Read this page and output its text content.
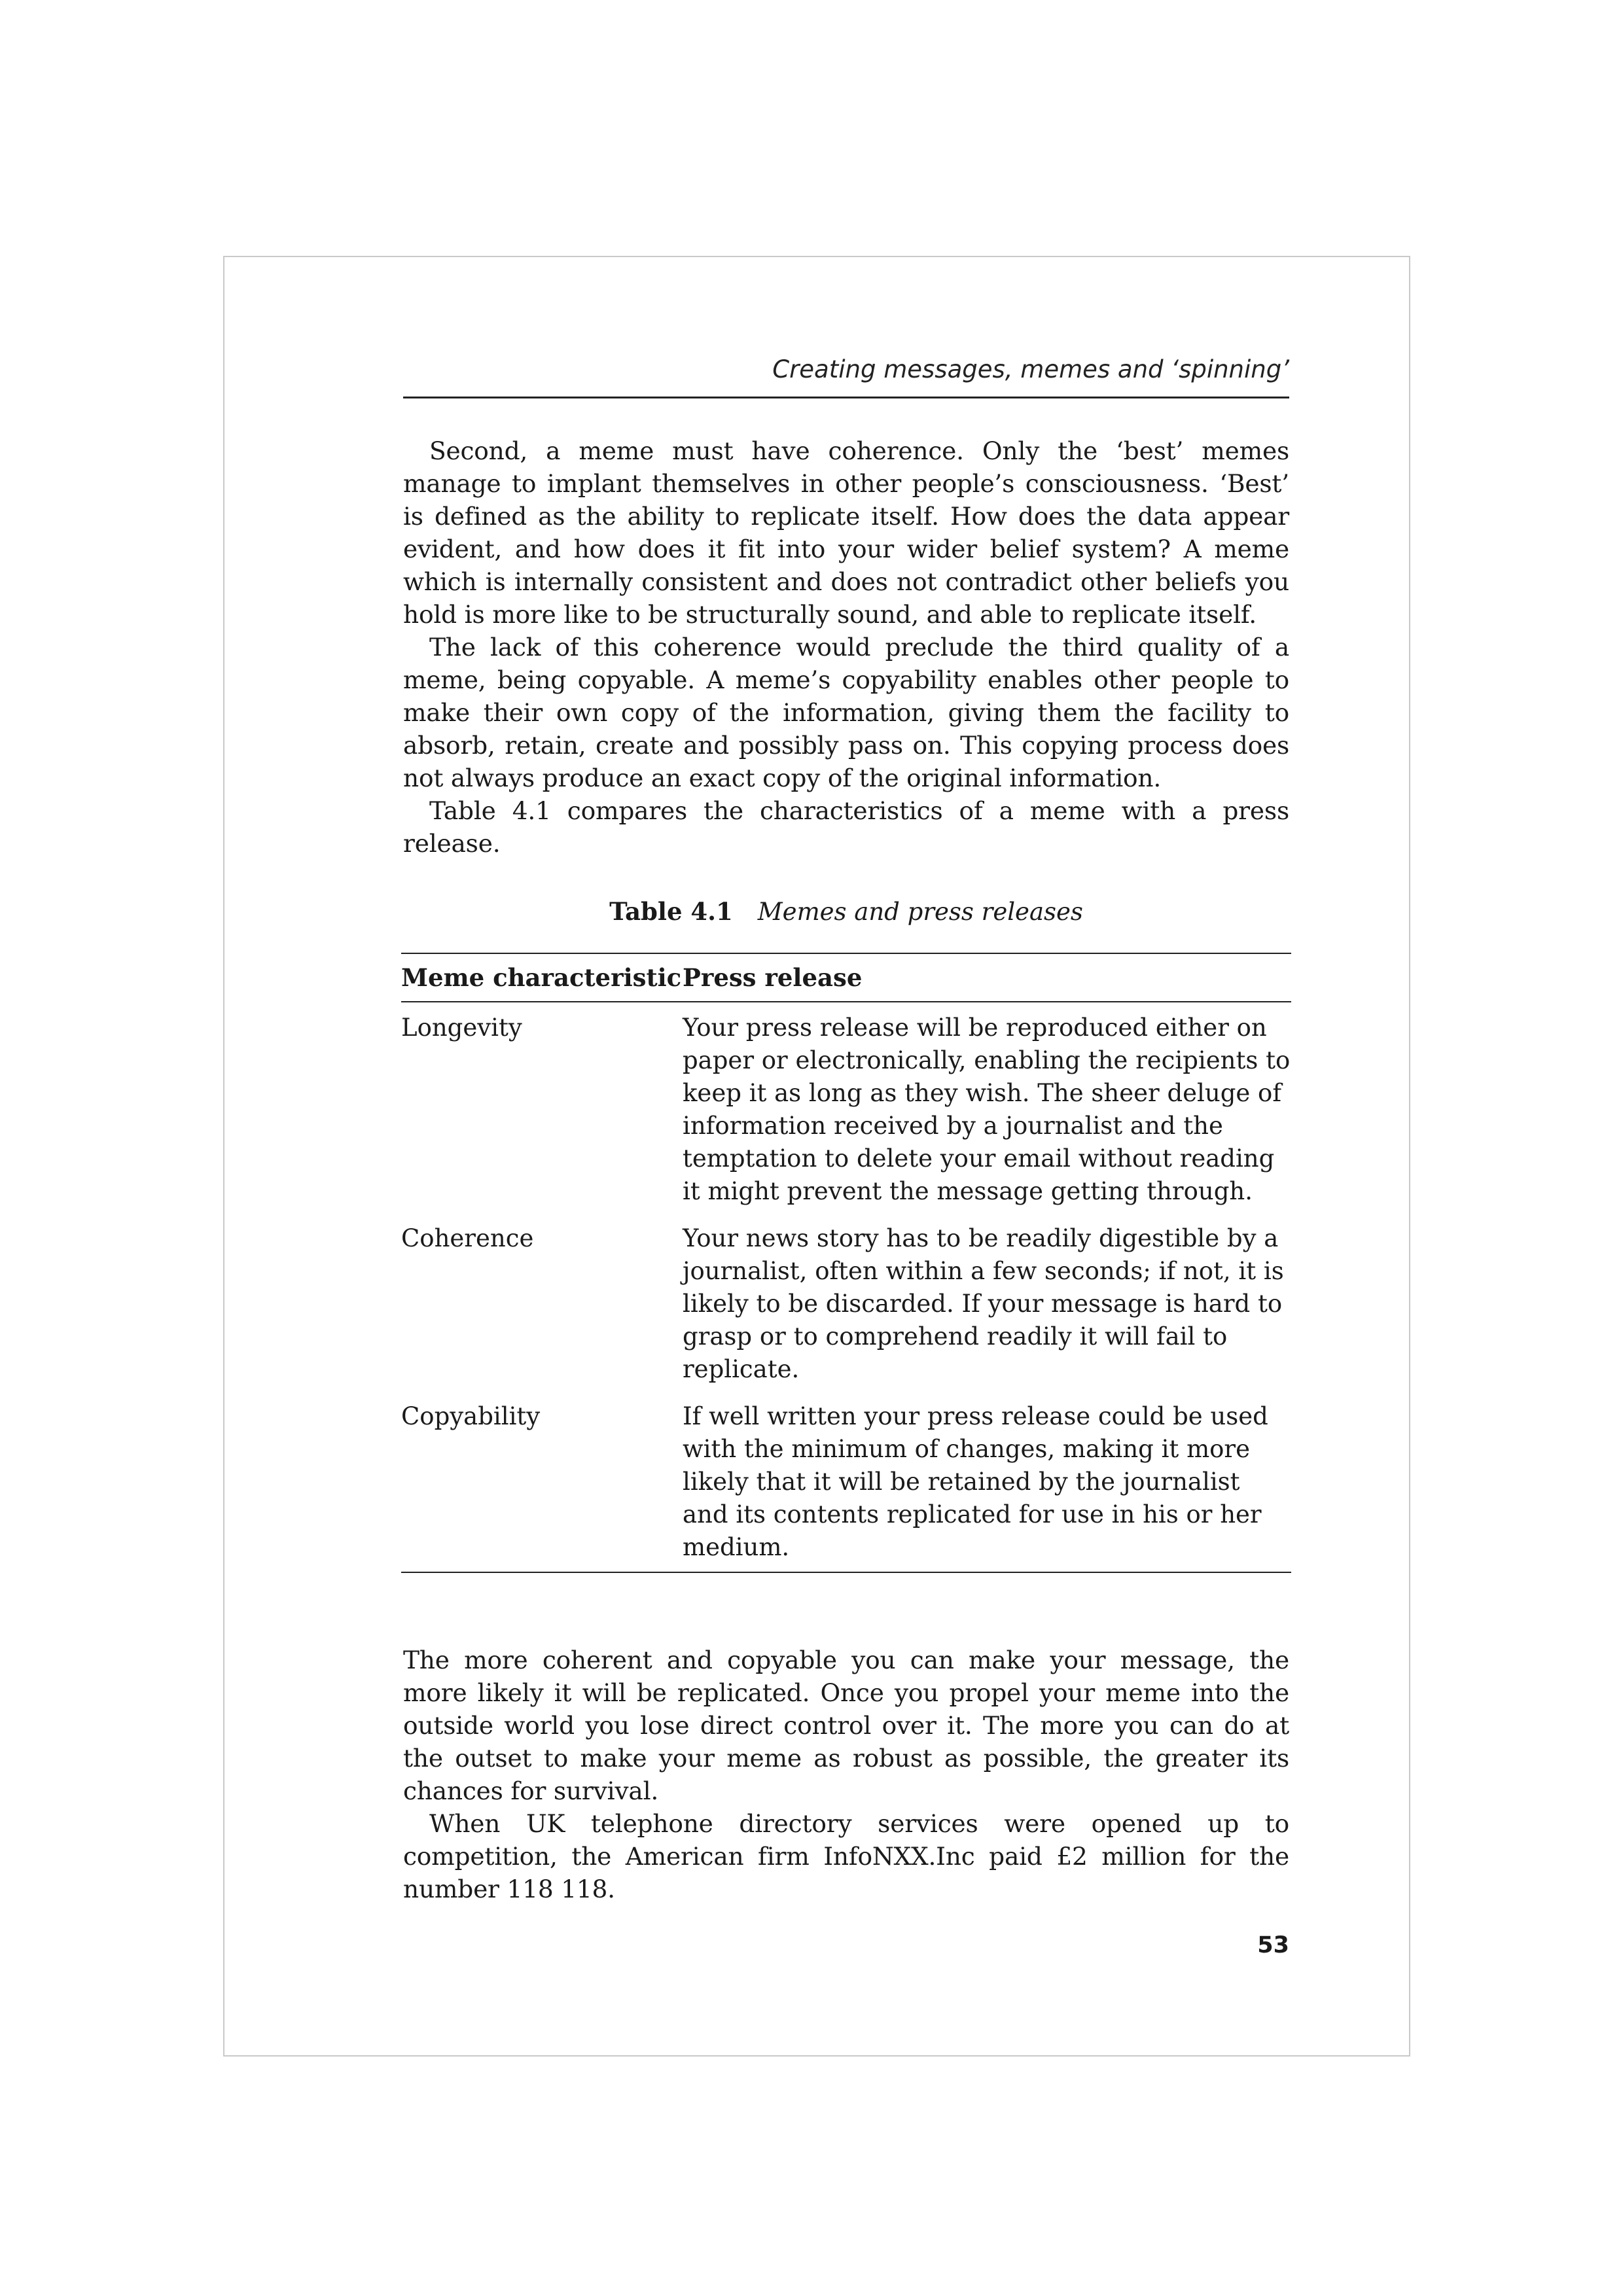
Creating messages, memes and ‘spinning’

Second, a meme must have coherence. Only the ‘best’ memes manage to implant themselves in other people’s consciousness. ‘Best’ is defined as the ability to replicate itself. How does the data appear evident, and how does it fit into your wider belief system? A meme which is internally consistent and does not contradict other beliefs you hold is more like to be structurally sound, and able to replicate itself.

The lack of this coherence would preclude the third quality of a meme, being copyable. A meme’s copyability enables other people to make their own copy of the information, giving them the facility to absorb, retain, create and possibly pass on. This copying process does not always produce an exact copy of the original information.

Table 4.1 compares the characteristics of a meme with a press release.

Table 4.1 Memes and press releases
Meme characteristic	Press release
Longevity	Your press release will be reproduced either on paper or electronically, enabling the recipients to keep it as long as they wish. The sheer deluge of information received by a journalist and the temptation to delete your email without reading it might prevent the message getting through.
Coherence	Your news story has to be readily digestible by a journalist, often within a few seconds; if not, it is likely to be discarded. If your message is hard to grasp or to comprehend readily it will fail to replicate.
Copyability	If well written your press release could be used with the minimum of changes, making it more likely that it will be retained by the journalist and its contents replicated for use in his or her medium.

The more coherent and copyable you can make your message, the more likely it will be replicated. Once you propel your meme into the outside world you lose direct control over it. The more you can do at the outset to make your meme as robust as possible, the greater its chances for survival.

When UK telephone directory services were opened up to competition, the American firm InfoNXX.Inc paid £2 million for the number 118 118.

53
